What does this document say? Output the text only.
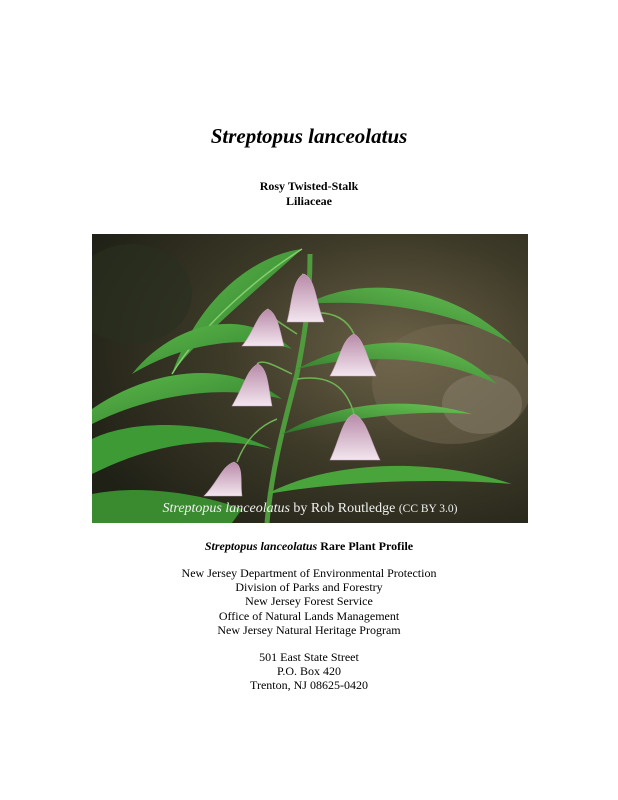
Streptopus lanceolatus
Rosy Twisted-Stalk
Liliaceae
Streptopus lanceolatus by Rob Routledge (CC BY 3.0)
Streptopus lanceolatus Rare Plant Profile
New Jersey Department of Environmental Protection
Division of Parks and Forestry
New Jersey Forest Service
Office of Natural Lands Management
New Jersey Natural Heritage Program
501 East State Street
P.O. Box 420
Trenton, NJ 08625-0420
